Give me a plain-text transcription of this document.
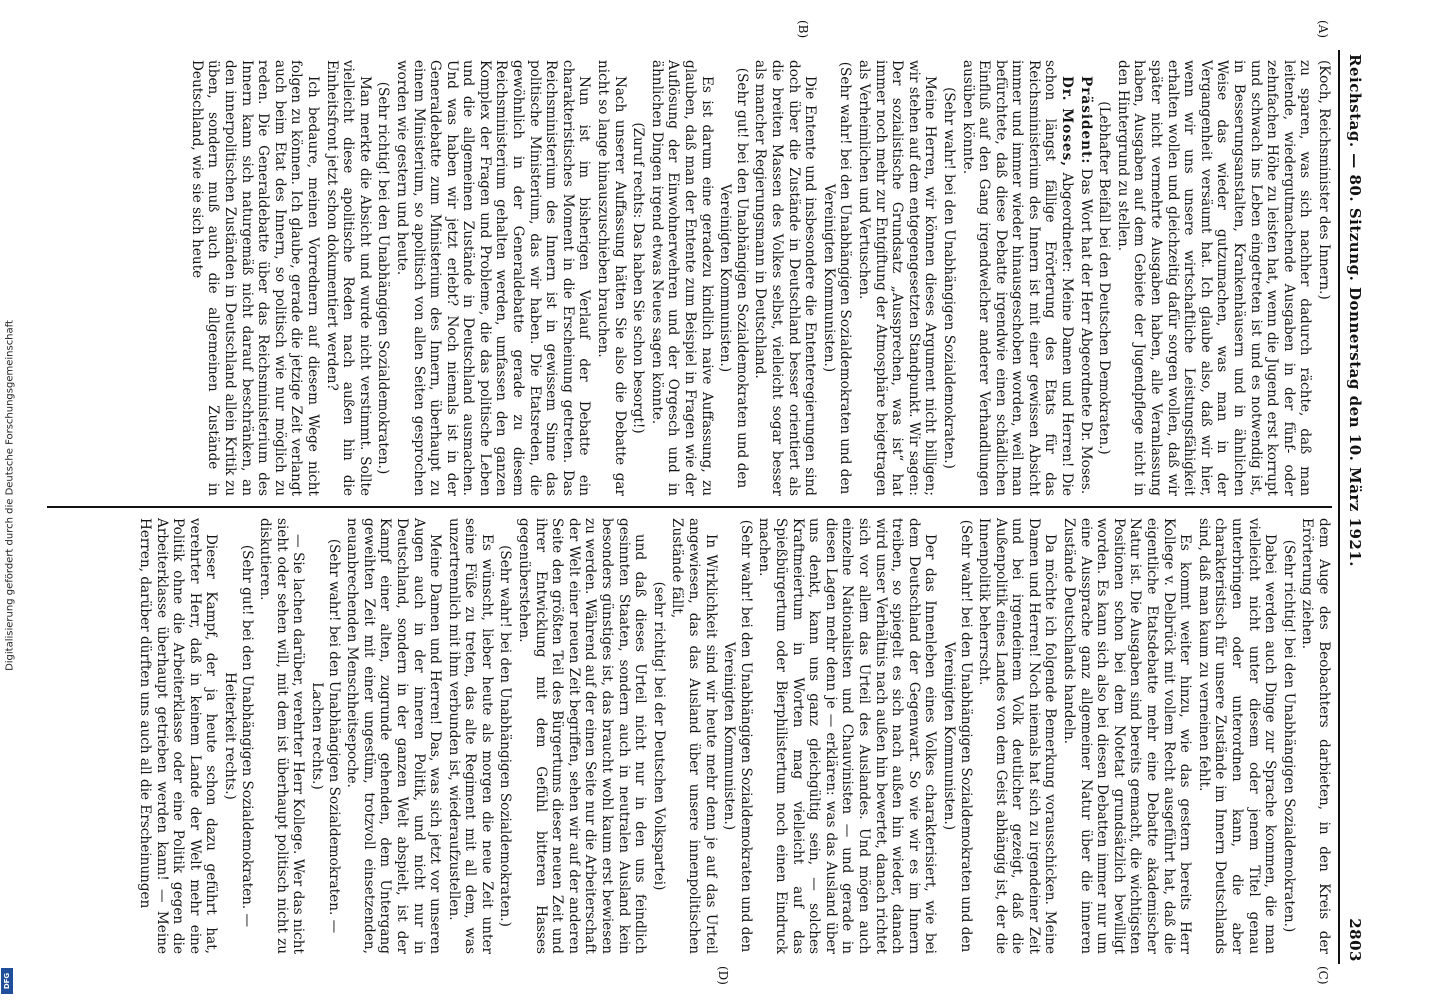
Digitalisierung gefördert durch die Deutsche Forschungsgemeinschaft
DFG
Reichstag. — 80. Sitzung. Donnerstag den 10. März 1921.
2803

(Koch, Reichsminister des Innern.)

zu sparen, was sich nachher dadurch rächte, daß man leitende, wiedergutmachende Ausgaben in der fünf- oder zehnfachen Höhe zu leisten hat, wenn die Jugend erst korrupt und schwach ins Leben eingetreten ist und es notwendig ist, in Besserungsanstalten, Krankenhäusern und in ähnlichen Weise das wieder gutzumachen, was man in der Vergangenheit versäumt hat. Ich glaube also, daß wir hier, wenn wir uns unsere wirtschaftliche Leistungsfähigkeit erhalten wollen und gleichzeitig dafür sorgen wollen, daß wir später nicht vermehrte Ausgaben haben, alle Veranlassung haben, Ausgaben auf dem Gebiete der Jugendpflege nicht in den Hintergrund zu stellen.

(Lebhafter Beifall bei den Deutschen Demokraten.)

Präsident: Das Wort hat der Herr Abgeordnete Dr. Moses.

Dr. Moses, Abgeordneter: Meine Damen und Herren! Die schon längst fällige Erörterung des Etats für das Reichsministerium des Innern ist mit einer gewissen Absicht immer und immer wieder hinausgeschoben worden, weil man befürchtete, daß diese Debatte irgendwie einen schädlichen Einfluß auf den Gang irgendwelcher anderer Verhandlungen ausüben könnte.

(Sehr wahr! bei den Unabhängigen Sozialdemokraten.)

Meine Herren, wir können dieses Argument nicht billigen; wir stehen auf dem entgegengesetzten Standpunkt. Wir sagen: Der sozialistische Grundsatz „Aussprechen, was ist“ hat immer noch mehr zur Entgiftung der Atmosphäre beigetragen als Verheimlichen und Vertuschen.

(Sehr wahr! bei den Unabhängigen Sozialdemokraten und den Vereinigten Kommunisten.)

Die Entente und insbesondere die Ententeregierungen sind doch über die Zustände in Deutschland besser orientiert als die breiten Massen des Volkes selbst, vielleicht sogar besser als mancher Regierungsmann in Deutschland.

(Sehr gut! bei den Unabhängigen Sozialdemokraten und den Vereinigten Kommunisten.)

Es ist darum eine geradezu kindlich naive Auffassung, zu glauben, daß man der Entente zum Beispiel in Fragen wie der Auflösung der Einwohnerwehren und der Orgesch und in ähnlichen Dingen irgend etwas Neues sagen könnte.

(Zuruf rechts: Das haben Sie schon besorgt!)

Nach unserer Auffassung hätten Sie also die Debatte gar nicht so lange hinauszuschieben brauchen.

Nun ist im bisherigen Verlauf der Debatte ein charakteristisches Moment in die Erscheinung getreten. Das Reichsministerium des Innern ist in gewissem Sinne das politische Ministerium, das wir haben. Die Etatsreden, die gewöhnlich in der Generaldebatte gerade zu diesem Reichsministerium gehalten werden, umfassen den ganzen Komplex der Fragen und Probleme, die das politische Leben und die allgemeinen Zustände in Deutschland ausmachen. Und was haben wir jetzt erlebt? Noch niemals ist in der Generaldebatte zum Ministerium des Innern, überhaupt zu einem Ministerium, so apolitisch von allen Seiten gesprochen worden wie gestern und heute.

(Sehr richtig! bei den Unabhängigen Sozialdemokraten.)

Man merkte die Absicht und wurde nicht verstimmt. Sollte vielleicht diese apolitische Reden nach außen hin die Einheitsfront jetzt schon dokumentiert werden?

Ich bedaure, meinen Vorrednern auf diesem Wege nicht folgen zu können. Ich glaube, gerade die jetzige Zeit verlangt auch beim Etat des Innern, so politisch wie nur möglich zu reden. Die Generaldebatte über das Reichsministerium des Innern kann sich naturgemäß nicht darauf beschränken, an den innerpolitischen Zuständen in Deutschland allein Kritik zu üben, sondern muß auch die allgemeinen Zustände in Deutschland, wie sie sich heute

dem Auge des Beobachters darbieten, in den Kreis der Erörterung ziehen.

(Sehr richtig! bei den Unabhängigen Sozialdemokraten.)

Dabei werden auch Dinge zur Sprache kommen, die man vielleicht nicht unter diesem oder jenem Titel genau unterbringen oder unterordnen kann, die aber charakteristisch für unsere Zustände im Innern Deutschlands sind, daß man kaum zu verneinen fehlt.

Es kommt weiter hinzu, wie das gestern bereits Herr Kollege v. Delbrück mit vollem Recht ausgeführt hat, daß die eigentliche Etatsdebatte mehr eine Debatte akademischer Natur ist. Die Ausgaben sind bereits gemacht, die wichtigsten Positionen schon bei dem Notetat grundsätzlich bewilligt worden. Es kann sich also bei diesen Debatten immer nur um eine Aussprache ganz allgemeiner Natur über die inneren Zustände Deutschlands handeln.

Da möchte ich folgende Bemerkung vorausschicken. Meine Damen und Herren! Noch niemals hat sich zu irgendeiner Zeit und bei irgendeinem Volk deutlicher gezeigt, daß die Außenpolitik eines Landes von dem Geist abhängig ist, der die Innenpolitik beherrscht.

(Sehr wahr! bei den Unabhängigen Sozialdemokraten und den Vereinigten Kommunisten.)

Der das Innenleben eines Volkes charakterisiert, wie bei dem Deutschland der Gegenwart. So wie wir es im Innern treiben, so spiegelt es sich nach außen hin wieder, danach wird unser Verhältnis nach außen hin bewertet, danach richtet sich vor allem das Urteil des Auslandes. Und mögen auch einzelne Nationalisten und Chauvinisten — und gerade in diesen Lagen mehr denn je — erklären: was das Ausland über uns denkt, kann uns ganz gleichgültig sein, — solches Kraftmeiertum in Worten mag vielleicht auf das Spießbürgertum oder Bierphilistertum noch einen Eindruck machen.

(Sehr wahr! bei den Unabhängigen Sozialdemokraten und den Vereinigten Kommunisten.)

In Wirklichkeit sind wir heute mehr denn je auf das Urteil angewiesen, das das Ausland über unsere innenpolitischen Zustände fällt,

(sehr richtig! bei der Deutschen Volkspartei)

und daß dieses Urteil nicht nur in den uns feindlich gesinnten Staaten, sondern auch in neutralen Ausland kein besonders günstiges ist, das braucht wohl kaum erst bewiesen zu werden. Während auf der einen Seite nur die Arbeiterschaft der Welt einer neuen Zeit begriffen, sehen wir auf der anderen Seite den größten Teil des Bürgertums dieser neuen Zeit und ihrer Entwicklung mit dem Gefühl bitteren Hasses gegenüberstehen.

(Sehr wahr! bei den Unabhängigen Sozialdemokraten.)

Es wünscht, lieber heute als morgen die neue Zeit unter seine Füße zu treten, das alte Regiment mit all dem, was unzertrennlich mit ihm verbunden ist, wiederaufzustellen.

Meine Damen und Herren! Das, was sich jetzt vor unseren Augen auch in der inneren Politik, und nicht nur in Deutschland, sondern in der ganzen Welt abspielt, ist der Kampf einer alten, zugrunde gehenden, dem Untergang geweihten Zeit mit einer ungestüm, trotzvoll einsetzenden, neuanbrechenden Menschheitsepoche.

(Sehr wahr! bei den Unabhängigen Sozialdemokraten. — Lachen rechts.)

— Sie lachen darüber, verehrter Herr Kollege. Wer das nicht sieht oder sehen will, mit dem ist überhaupt politisch nicht zu diskutieren.

(Sehr gut! bei den Unabhängigen Sozialdemokraten. — Heiterkeit rechts.)

Dieser Kampf, der ja heute schon dazu geführt hat, verehrter Herr, daß in keinem Lande der Welt mehr eine Politik ohne die Arbeiterklasse oder eine Politik gegen die Arbeiterklasse überhaupt getrieben werden kann! — Meine Herren, darüber dürften uns auch all die Erscheinungen

(A)
(B)
(C)
(D)
